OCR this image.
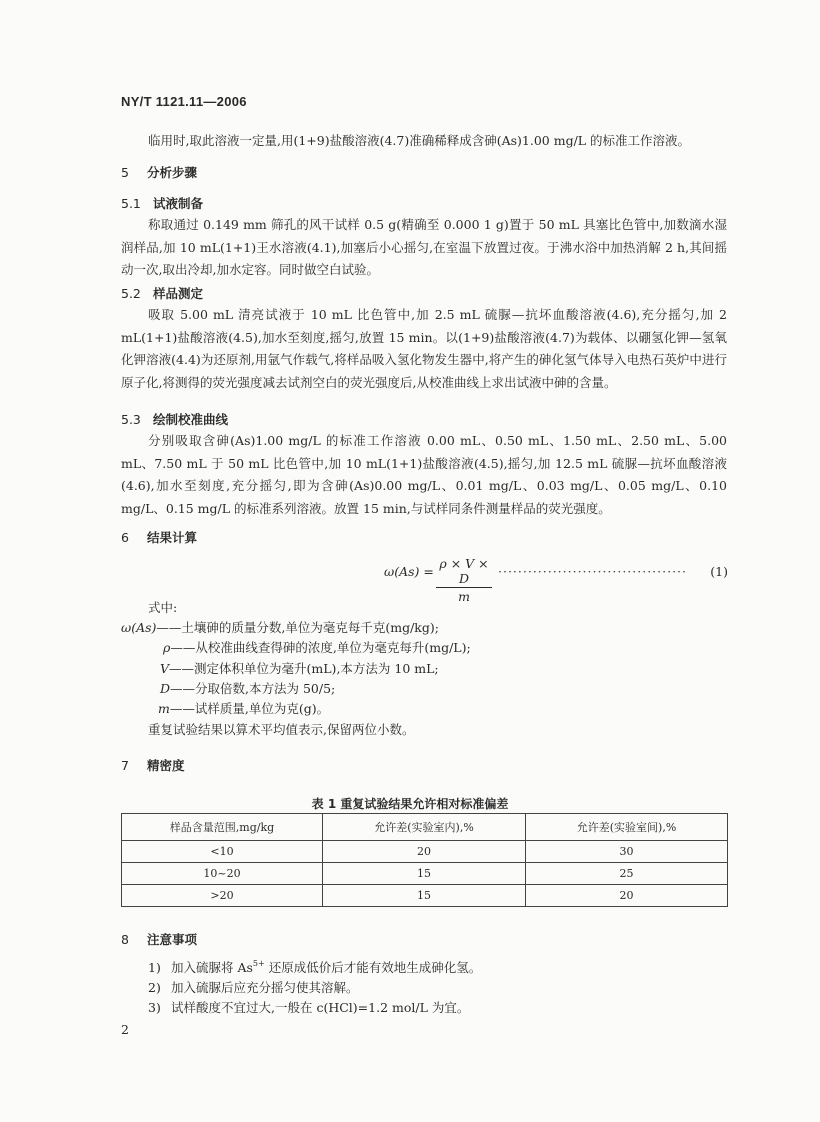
NY/T 1121.11—2006
临用时,取此溶液一定量,用(1+9)盐酸溶液(4.7)准确稀释成含砷(As)1.00 mg/L 的标准工作溶液。
5 分析步骤
5.1 试液制备
称取通过 0.149 mm 筛孔的风干试样 0.5 g(精确至 0.000 1 g)置于 50 mL 具塞比色管中,加数滴水湿润样品,加 10 mL(1+1)王水溶液(4.1),加塞后小心摇匀,在室温下放置过夜。于沸水浴中加热消解 2 h,其间摇动一次,取出冷却,加水定容。同时做空白试验。
5.2 样品测定
吸取 5.00 mL 清亮试液于 10 mL 比色管中,加 2.5 mL 硫脲—抗坏血酸溶液(4.6),充分摇匀,加 2 mL(1+1)盐酸溶液(4.5),加水至刻度,摇匀,放置 15 min。以(1+9)盐酸溶液(4.7)为载体、以硼氢化钾—氢氧化钾溶液(4.4)为还原剂,用氩气作载气,将样品吸入氢化物发生器中,将产生的砷化氢气体导入电热石英炉中进行原子化,将测得的荧光强度减去试剂空白的荧光强度后,从校准曲线上求出试液中砷的含量。
5.3 绘制校准曲线
分别吸取含砷(As)1.00 mg/L 的标准工作溶液 0.00 mL、0.50 mL、1.50 mL、2.50 mL、5.00 mL、7.50 mL 于 50 mL 比色管中,加 10 mL(1+1)盐酸溶液(4.5),摇匀,加 12.5 mL 硫脲—抗坏血酸溶液(4.6),加水至刻度,充分摇匀,即为含砷(As)0.00 mg/L、0.01 mg/L、0.03 mg/L、0.05 mg/L、0.10 mg/L、0.15 mg/L 的标准系列溶液。放置 15 min,与试样同条件测量样品的荧光强度。
6 结果计算
$\omega(As) = \frac{\rho \times V \times D}{m}$ ······································ (1)
式中:
ω(As)——土壤砷的质量分数,单位为毫克每千克(mg/kg);
ρ——从校准曲线查得砷的浓度,单位为毫克每升(mg/L);
V——测定体积单位为毫升(mL),本方法为 10 mL;
D——分取倍数,本方法为 50/5;
m——试样质量,单位为克(g)。
重复试验结果以算术平均值表示,保留两位小数。
7 精密度
表 1 重复试验结果允许相对标准偏差
样品含量范围,mg/kg	允许差(实验室内),%	允许差(实验室间),%
<10	20	30
10~20	15	25
>20	15	20
8 注意事项
1) 加入硫脲将 $As^{5+}$ 还原成低价后才能有效地生成砷化氢。
2) 加入硫脲后应充分摇匀使其溶解。
3) 试样酸度不宜过大,一般在 c(HCl)=1.2 mol/L 为宜。
2
